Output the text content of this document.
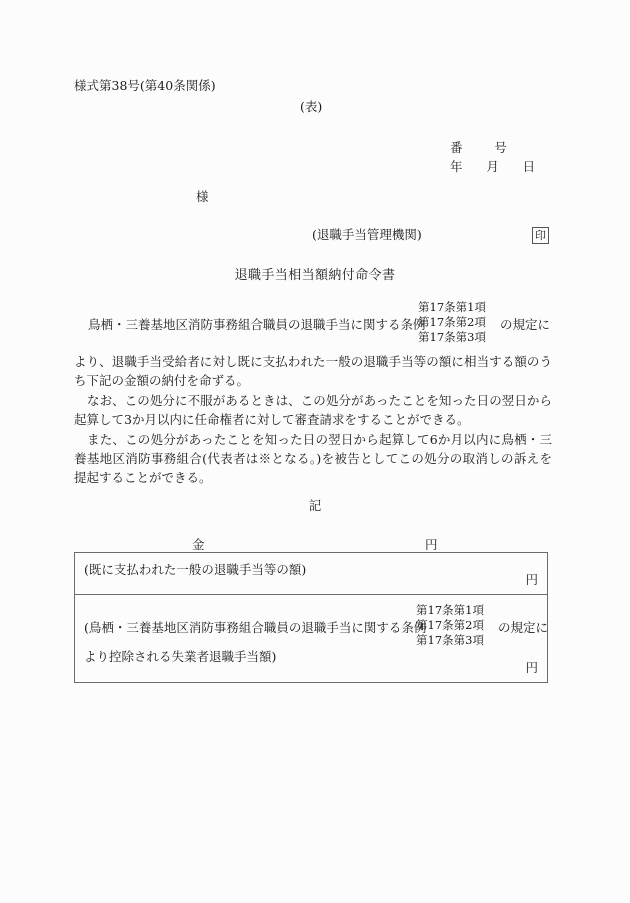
様式第38号(第40条関係)
(表)
番        号
年      月      日
様
(退職手当管理機関)	印
退職手当相当額納付命令書
鳥栖・三養基地区消防事務組合職員の退職手当に関する条例
第17条第1項
第17条第2項
第17条第3項
の規定に

より、退職手当受給者に対し既に支払われた一般の退職手当等の額に相当する額のうち下記の金額の納付を命ずる。

なお、この処分に不服があるときは、この処分があったことを知った日の翌日から起算して3か月以内に任命権者に対して審査請求をすることができる。

また、この処分があったことを知った日の翌日から起算して6か月以内に鳥栖・三養基地区消防事務組合(代表者は※となる。)を被告としてこの処分の取消しの訴えを提起することができる。

記
金	円
(既に支払われた一般の退職手当等の額)
円
(鳥栖・三養基地区消防事務組合職員の退職手当に関する条例
第17条第1項
第17条第2項
第17条第3項
の規定に
より控除される失業者退職手当額)
円
